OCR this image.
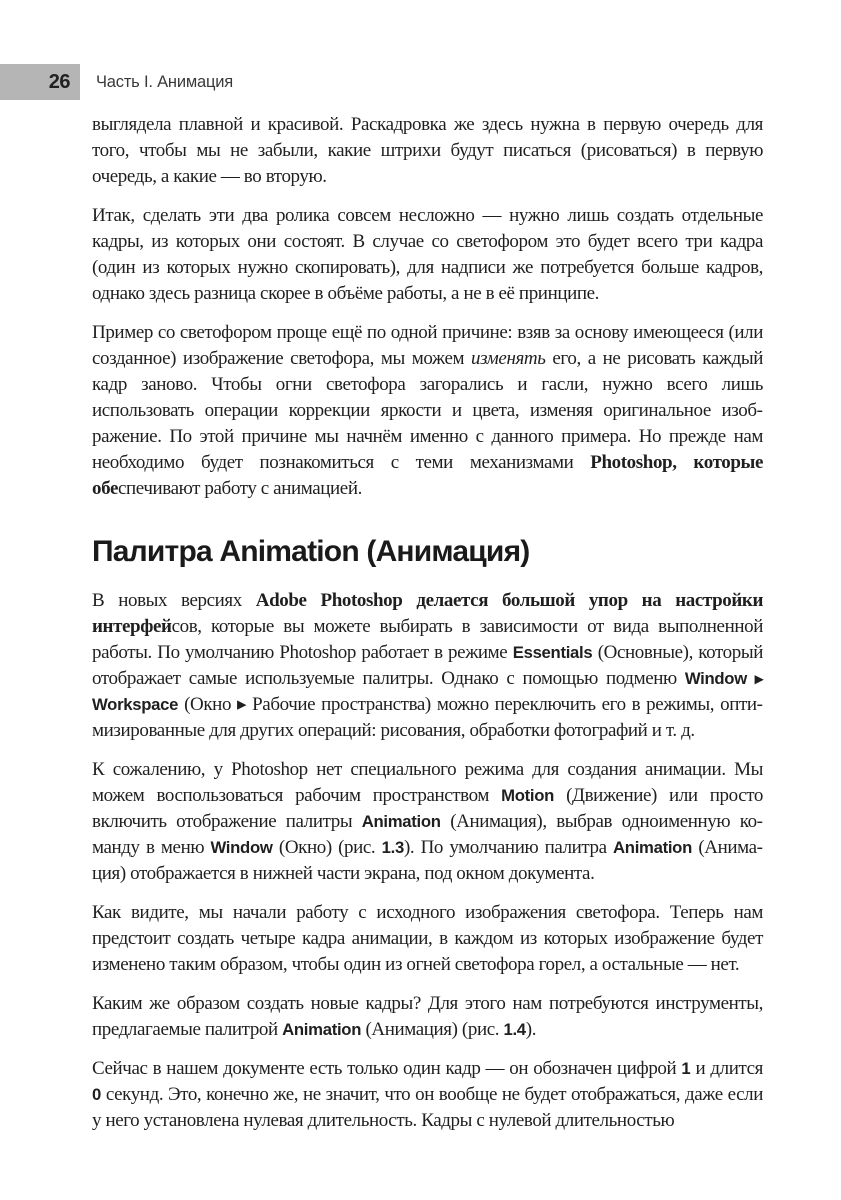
26 Часть I. Анимация

выглядела плавной и красивой. Раскадровка же здесь нужна в первую очередь для того, чтобы мы не забыли, какие штрихи будут писаться (рисоваться) в первую очередь, а какие — во вторую.

Итак, сделать эти два ролика совсем несложно — нужно лишь создать отдельные кадры, из которых они состоят. В случае со светофором это будет всего три кадра (один из которых нужно скопировать), для надписи же потребуется больше кадров, однако здесь разница скорее в объёме работы, а не в её принципе.

Пример со светофором проще ещё по одной причине: взяв за основу имеющееся (или созданное) изображение светофора, мы можем изменять его, а не рисовать каждый кадр заново. Чтобы огни светофора загорались и гасли, нужно всего лишь использовать операции коррекции яркости и цвета, изменяя оригинальное изображение. По этой причине мы начнём именно с данного примера. Но прежде нам необходимо будет познакомиться с теми механизмами Photoshop, которые обеспечивают работу с анимацией.

Палитра Animation (Анимация)

В новых версиях Adobe Photoshop делается большой упор на настройки интерфейсов, которые вы можете выбирать в зависимости от вида выполненной работы. По умолчанию Photoshop работает в режиме Essentials (Основные), который отображает самые используемые палитры. Однако с помощью подменю Window ▸ Workspace (Окно ▸ Рабочие пространства) можно переключить его в режимы, оптимизированные для других операций: рисования, обработки фотографий и т. д.

К сожалению, у Photoshop нет специального режима для создания анимации. Мы можем воспользоваться рабочим пространством Motion (Движение) или просто включить отображение палитры Animation (Анимация), выбрав одноименную команду в меню Window (Окно) (рис. 1.3). По умолчанию палитра Animation (Анимация) отображается в нижней части экрана, под окном документа.

Как видите, мы начали работу с исходного изображения светофора. Теперь нам предстоит создать четыре кадра анимации, в каждом из которых изображение будет изменено таким образом, чтобы один из огней светофора горел, а остальные — нет.

Каким же образом создать новые кадры? Для этого нам потребуются инструменты, предлагаемые палитрой Animation (Анимация) (рис. 1.4).

Сейчас в нашем документе есть только один кадр — он обозначен цифрой 1 и длится 0 секунд. Это, конечно же, не значит, что он вообще не будет отображаться, даже если у него установлена нулевая длительность. Кадры с нулевой длительностью
